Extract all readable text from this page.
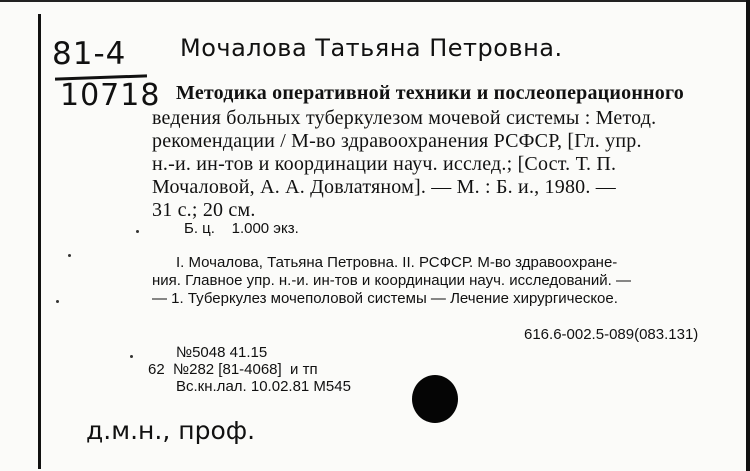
81-4
10718
Мочалова Татьяна Петровна.
Методика оперативной техники и послеоперационного
ведения больных туберкулезом мочевой системы : Метод.
рекомендации / М-во здравоохранения РСФСР, [Гл. упр.
н.-и. ин-тов и координации науч. исслед.; [Сост. Т. П.
Мочаловой, А. А. Довлатяном]. — М. : Б. и., 1980. —
31 с.; 20 см.
Б. ц.    1.000 экз.
I. Мочалова, Татьяна Петровна. II. РСФСР. М-во здравоохране-
ния. Главное упр. н.-и. ин-тов и координации науч. исследований. —
— 1. Туберкулез мочеполовой системы — Лечение хирургическое.
616.6-002.5-089(083.131)
№5048 41.15
62  №282 [81-4068]  и тп
Вс.кн.лал. 10.02.81 М545
д.м.н., проф.
